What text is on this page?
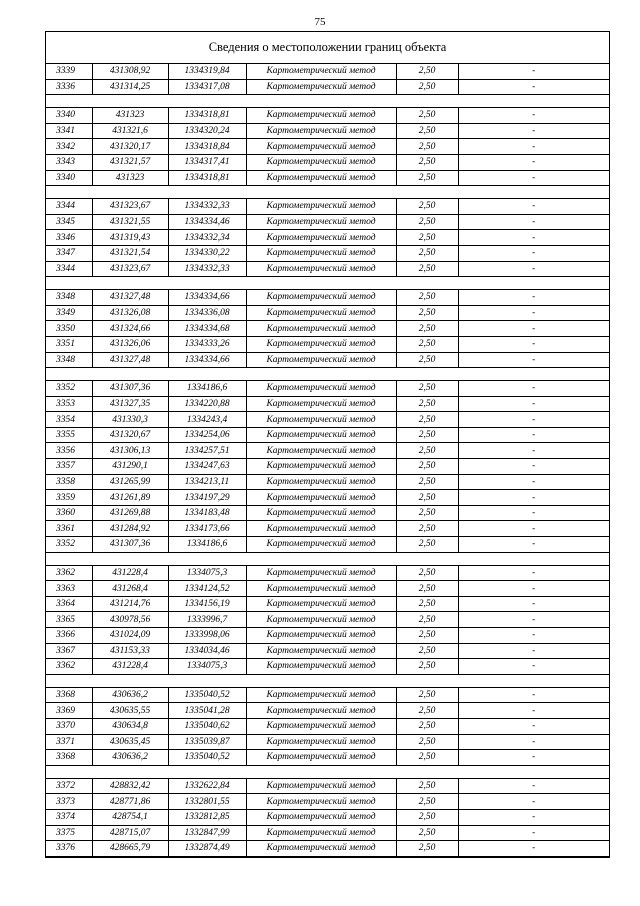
75
Сведения о местоположении границ объекта
3339	431308,92	1334319,84	Картометрический метод	2,50	-
3336	431314,25	1334317,08	Картометрический метод	2,50	-

3340	431323	1334318,81	Картометрический метод	2,50	-
3341	431321,6	1334320,24	Картометрический метод	2,50	-
3342	431320,17	1334318,84	Картометрический метод	2,50	-
3343	431321,57	1334317,41	Картометрический метод	2,50	-
3340	431323	1334318,81	Картометрический метод	2,50	-

3344	431323,67	1334332,33	Картометрический метод	2,50	-
3345	431321,55	1334334,46	Картометрический метод	2,50	-
3346	431319,43	1334332,34	Картометрический метод	2,50	-
3347	431321,54	1334330,22	Картометрический метод	2,50	-
3344	431323,67	1334332,33	Картометрический метод	2,50	-

3348	431327,48	1334334,66	Картометрический метод	2,50	-
3349	431326,08	1334336,08	Картометрический метод	2,50	-
3350	431324,66	1334334,68	Картометрический метод	2,50	-
3351	431326,06	1334333,26	Картометрический метод	2,50	-
3348	431327,48	1334334,66	Картометрический метод	2,50	-

3352	431307,36	1334186,6	Картометрический метод	2,50	-
3353	431327,35	1334220,88	Картометрический метод	2,50	-
3354	431330,3	1334243,4	Картометрический метод	2,50	-
3355	431320,67	1334254,06	Картометрический метод	2,50	-
3356	431306,13	1334257,51	Картометрический метод	2,50	-
3357	431290,1	1334247,63	Картометрический метод	2,50	-
3358	431265,99	1334213,11	Картометрический метод	2,50	-
3359	431261,89	1334197,29	Картометрический метод	2,50	-
3360	431269,88	1334183,48	Картометрический метод	2,50	-
3361	431284,92	1334173,66	Картометрический метод	2,50	-
3352	431307,36	1334186,6	Картометрический метод	2,50	-

3362	431228,4	1334075,3	Картометрический метод	2,50	-
3363	431268,4	1334124,52	Картометрический метод	2,50	-
3364	431214,76	1334156,19	Картометрический метод	2,50	-
3365	430978,56	1333996,7	Картометрический метод	2,50	-
3366	431024,09	1333998,06	Картометрический метод	2,50	-
3367	431153,33	1334034,46	Картометрический метод	2,50	-
3362	431228,4	1334075,3	Картометрический метод	2,50	-

3368	430636,2	1335040,52	Картометрический метод	2,50	-
3369	430635,55	1335041,28	Картометрический метод	2,50	-
3370	430634,8	1335040,62	Картометрический метод	2,50	-
3371	430635,45	1335039,87	Картометрический метод	2,50	-
3368	430636,2	1335040,52	Картометрический метод	2,50	-

3372	428832,42	1332622,84	Картометрический метод	2,50	-
3373	428771,86	1332801,55	Картометрический метод	2,50	-
3374	428754,1	1332812,85	Картометрический метод	2,50	-
3375	428715,07	1332847,99	Картометрический метод	2,50	-
3376	428665,79	1332874,49	Картометрический метод	2,50	-
